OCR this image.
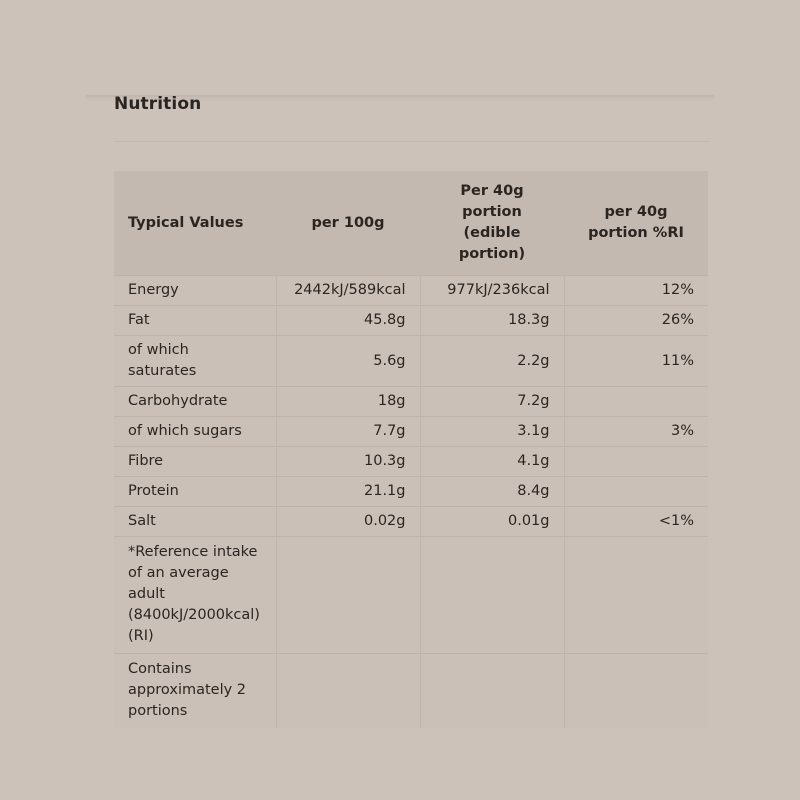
Nutrition
Typical Values	per 100g	Per 40g portion (edible portion)	per 40g portion %RI
Energy	2442kJ/589kcal	977kJ/236kcal	12%
Fat	45.8g	18.3g	26%
of which saturates	5.6g	2.2g	11%
Carbohydrate	18g	7.2g	
of which sugars	7.7g	3.1g	3%
Fibre	10.3g	4.1g	
Protein	21.1g	8.4g	
Salt	0.02g	0.01g	<1%
*Reference intake of an average adult (8400kJ/2000kcal) (RI)			
Contains approximately 2 portions			
